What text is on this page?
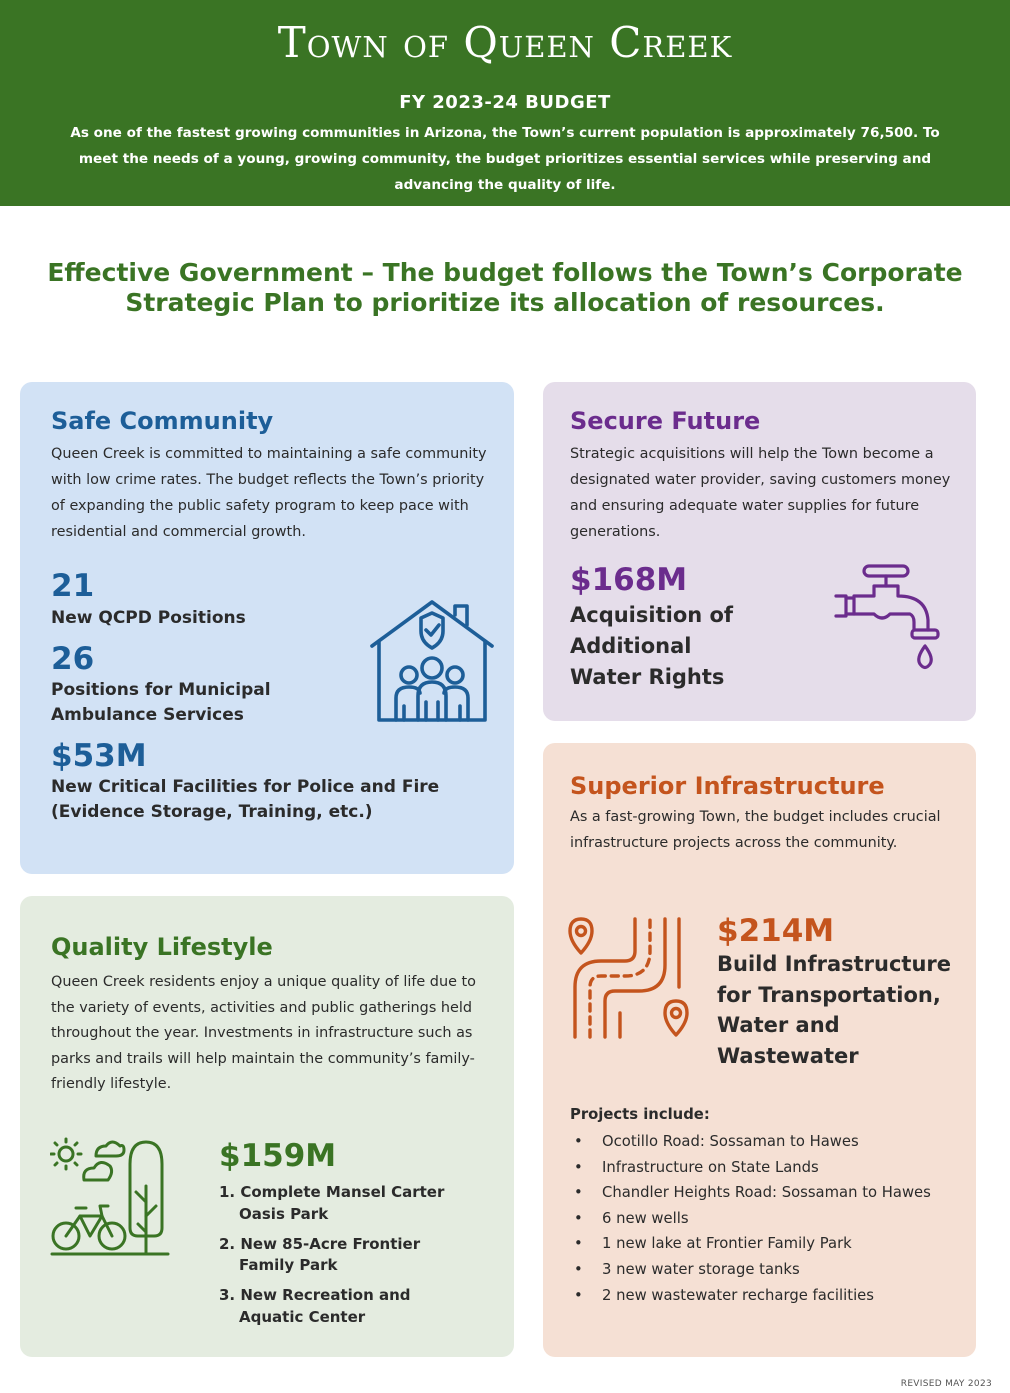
Town of Queen Creek
FY 2023-24 BUDGET
As one of the fastest growing communities in Arizona, the Town’s current population is approximately 76,500. To meet the needs of a young, growing community, the budget prioritizes essential services while preserving and advancing the quality of life.
Effective Government – The budget follows the Town’s Corporate Strategic Plan to prioritize its allocation of resources.
Safe Community
Queen Creek is committed to maintaining a safe community with low crime rates. The budget reflects the Town’s priority of expanding the public safety program to keep pace with residential and commercial growth.
21
New QCPD Positions
26
Positions for Municipal Ambulance Services
$53M
New Critical Facilities for Police and Fire (Evidence Storage, Training, etc.)
Secure Future
Strategic acquisitions will help the Town become a designated water provider, saving customers money and ensuring adequate water supplies for future generations.
$168M
Acquisition of Additional Water Rights
Superior Infrastructure
As a fast-growing Town, the budget includes crucial infrastructure projects across the community.
$214M
Build Infrastructure for Transportation, Water and Wastewater
Projects include:
• Ocotillo Road: Sossaman to Hawes
• Infrastructure on State Lands
• Chandler Heights Road: Sossaman to Hawes
• 6 new wells
• 1 new lake at Frontier Family Park
• 3 new water storage tanks
• 2 new wastewater recharge facilities
Quality Lifestyle
Queen Creek residents enjoy a unique quality of life due to the variety of events, activities and public gatherings held throughout the year. Investments in infrastructure such as parks and trails will help maintain the community’s family-friendly lifestyle.
$159M
1. Complete Mansel Carter Oasis Park
2. New 85-Acre Frontier Family Park
3. New Recreation and Aquatic Center
REVISED MAY 2023
